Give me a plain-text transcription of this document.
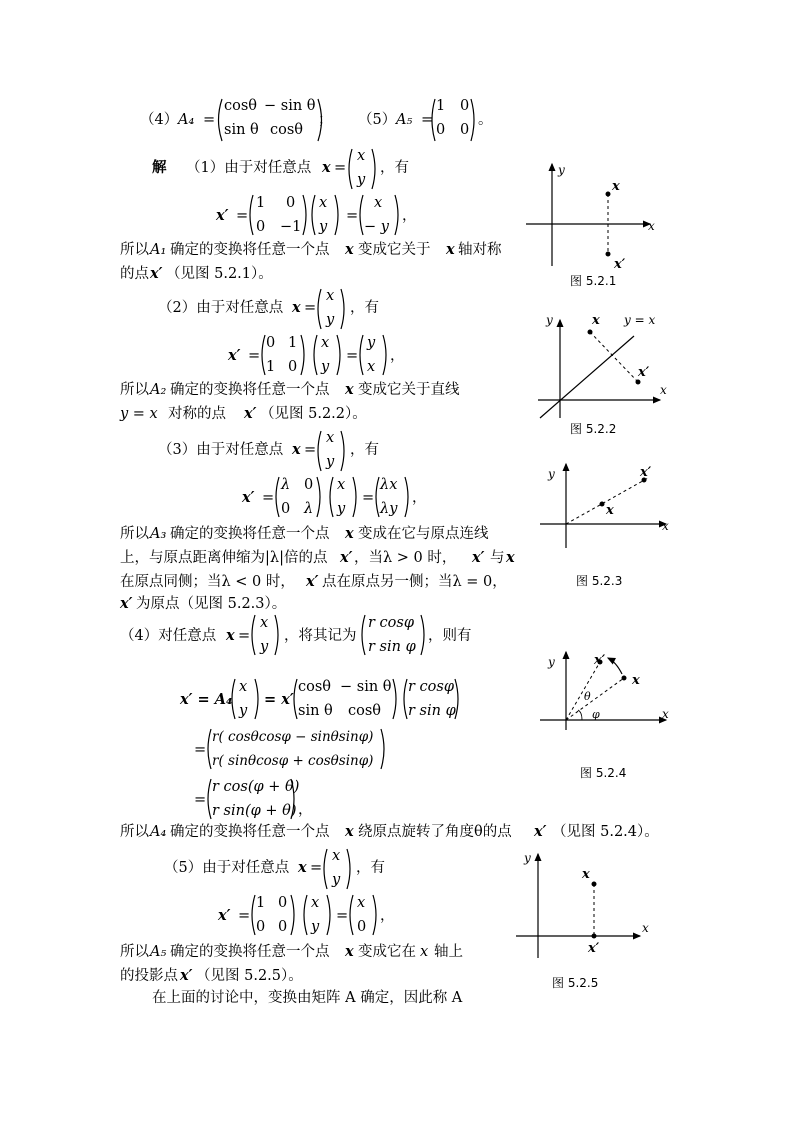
（4） A₄ =
cosθ − sin θ
sin θ cosθ
； （5） A₅ =
1 0
0 0
。
解 （1）由于对任意点 x =
x
y
，有
x′ =
1 0
0 −1
x
y
=
x
− y
，
所以 A₁ 确定的变换将任意一个点 x 变成它关于 x 轴对称
的点 x′ （见图 5.2.1）。
（2）由于对任意点 x =
x
y
，有
x′ =
0 1
1 0
x
y
=
y
x
，
所以 A₂ 确定的变换将任意一个点 x 变成它关于直线
y = x 对称的点 x′ （见图 5.2.2）。
（3）由于对任意点 x =
x
y
，有
x′ =
λ 0
0 λ
x
y
=
λx
λy
，
所以 A₃ 确定的变换将任意一个点 x 变成在它与原点连线
上，与原点距离伸缩为|λ|倍的点 x′ ，当λ > 0 时， x′ 与 x
在原点同侧；当λ < 0 时， x′ 点在原点另一侧；当λ = 0，
x′ 为原点（见图 5.2.3）。
（4）对任意点 x =
x
y
，将其记为
r cosφ
r sin φ
，则有
x′ = A₄
x
y
= x′
cosθ − sin θ
sin θ cosθ
r cosφ
r sin φ
=
r( cosθcosφ − sinθsinφ)
r( sinθcosφ + cosθsinφ)
=
r cos(φ + θ)
r sin(φ + θ) ，
所以 A₄ 确定的变换将任意一个点 x 绕原点旋转了角度θ的点 x′ （见图 5.2.4）。
（5）由于对任意点 x =
x
y
，有
x′ =
1 0
0 0
x
y
=
x
0
，
所以 A₅ 确定的变换将任意一个点 x 变成它在 x 轴上
的投影点 x′ （见图 5.2.5）。
在上面的讨论中，变换由矩阵 A 确定，因此称 A
y
x
x
x′
图 5.2.1
y
x
x
x′
y = x
图 5.2.2
y
x
x
x′
图 5.2.3
y
x
x
x′
θ
φ
图 5.2.4
y
x
x
x′
图 5.2.5
